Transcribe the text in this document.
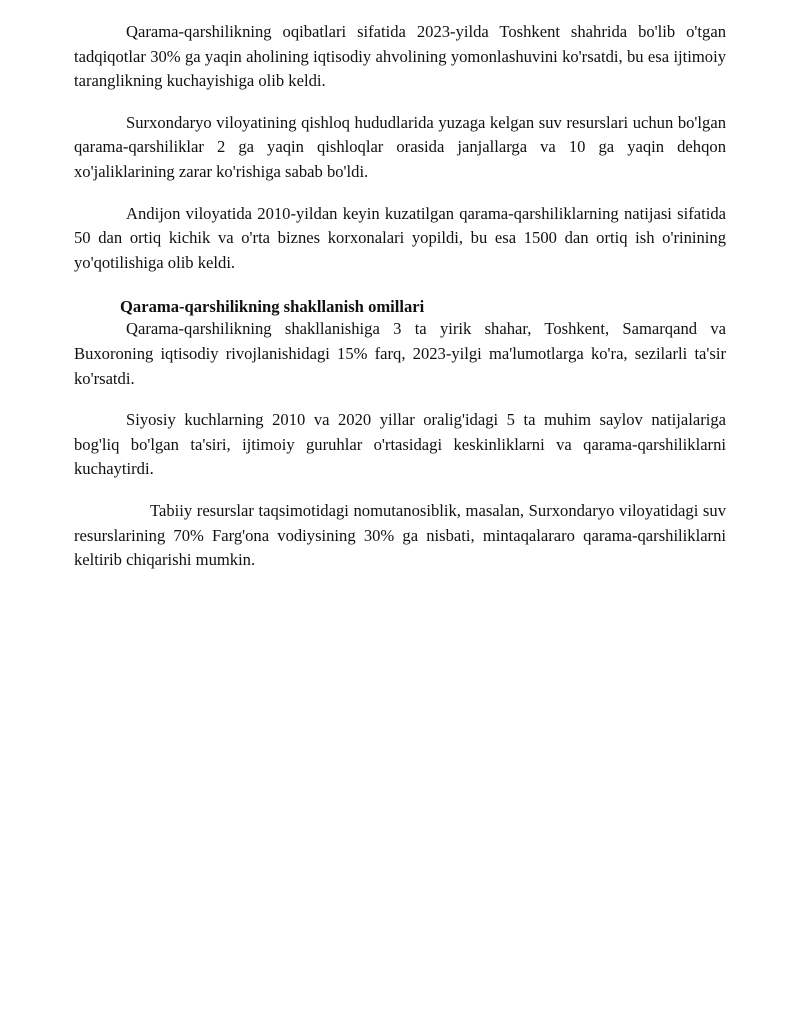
Qarama-qarshilikning oqibatlari sifatida 2023-yilda Toshkent shahrida bo'lib o'tgan tadqiqotlar 30% ga yaqin aholining iqtisodiy ahvolining yomonlashuvini ko'rsatdi, bu esa ijtimoiy taranglikning kuchayishiga olib keldi.

Surxondaryo viloyatining qishloq hududlarida yuzaga kelgan suv resurslari uchun bo'lgan qarama-qarshiliklar 2 ga yaqin qishloqlar orasida janjallarga va 10 ga yaqin dehqon xo'jaliklarining zarar ko'rishiga sabab bo'ldi.

Andijon viloyatida 2010-yildan keyin kuzatilgan qarama-qarshiliklarning natijasi sifatida 50 dan ortiq kichik va o'rta biznes korxonalari yopildi, bu esa 1500 dan ortiq ish o'rinining yo'qotilishiga olib keldi.

Qarama-qarshilikning shakllanish omillari

Qarama-qarshilikning shakllanishiga 3 ta yirik shahar, Toshkent, Samarqand va Buxoroning iqtisodiy rivojlanishidagi 15% farq, 2023-yilgi ma'lumotlarga ko'ra, sezilarli ta'sir ko'rsatdi.

Siyosiy kuchlarning 2010 va 2020 yillar oralig'idagi 5 ta muhim saylov natijalariga bog'liq bo'lgan ta'siri, ijtimoiy guruhlar o'rtasidagi keskinliklarni va qarama-qarshiliklarni kuchaytirdi.

Tabiiy resurslar taqsimotidagi nomutanosiblik, masalan, Surxondaryo viloyatidagi suv resurslarining 70% Farg'ona vodiysining 30% ga nisbati, mintaqalararo qarama-qarshiliklarni keltirib chiqarishi mumkin.
